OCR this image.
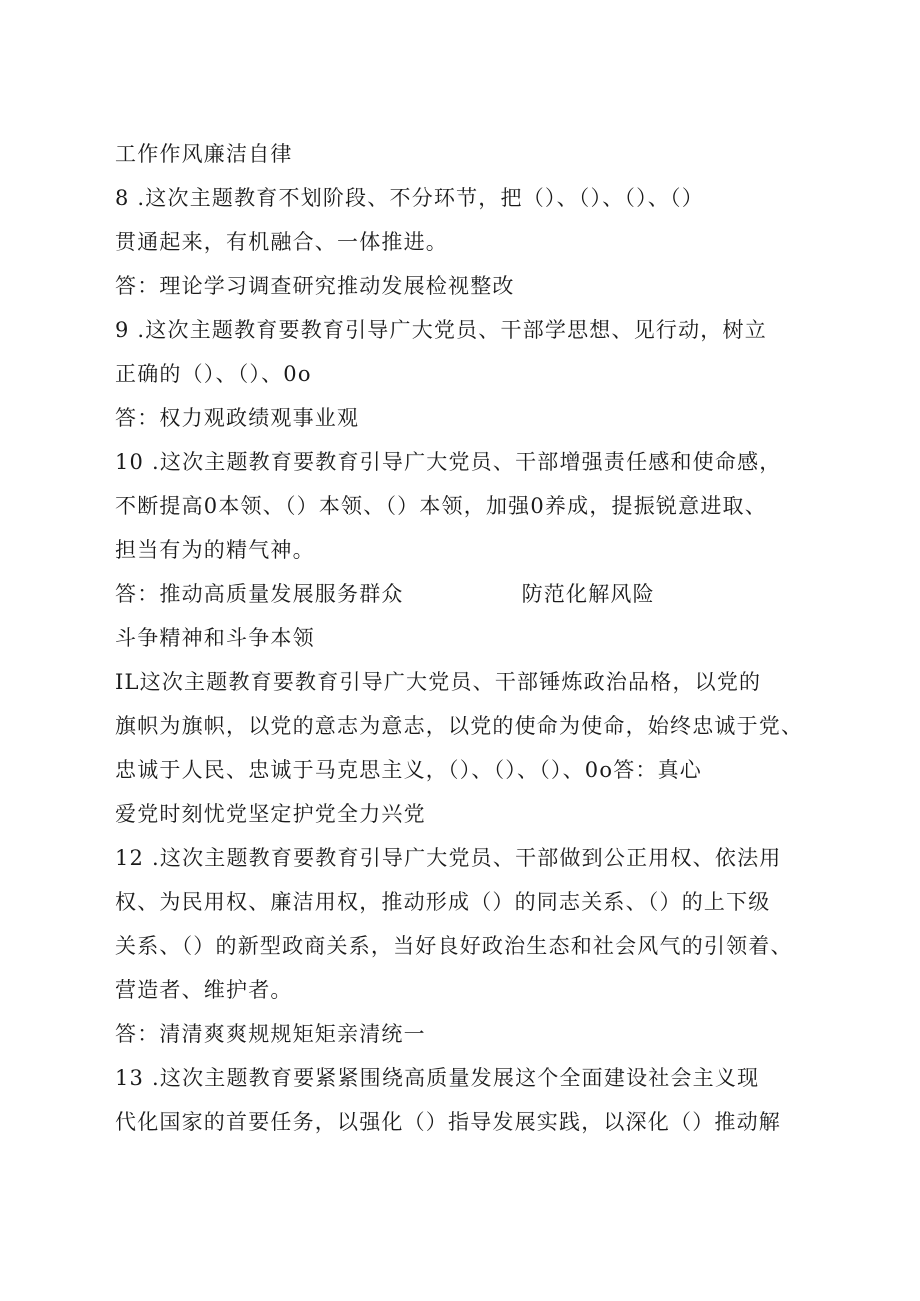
工作作风廉洁自律
8 .这次主题教育不划阶段、不分环节，把（）、（）、（）、（）
贯通起来，有机融合、一体推进。
答：理论学习调查研究推动发展检视整改
9 .这次主题教育要教育引导广大党员、干部学思想、见行动，树立
正确的（）、（）、0o
答：权力观政绩观事业观
10 .这次主题教育要教育引导广大党员、干部增强责任感和使命感，
不断提高0本领、（）本领、（）本领，加强0养成，提振锐意进取、
担当有为的精气神。
答：推动高质量发展服务群众	防范化解风险
斗争精神和斗争本领
IL这次主题教育要教育引导广大党员、干部锤炼政治品格，以党的
旗帜为旗帜，以党的意志为意志，以党的使命为使命，始终忠诚于党、
忠诚于人民、忠诚于马克思主义，（）、（）、（）、0o答：真心
爱党时刻忧党坚定护党全力兴党
12 .这次主题教育要教育引导广大党员、干部做到公正用权、依法用
权、为民用权、廉洁用权，推动形成（）的同志关系、（）的上下级
关系、（）的新型政商关系，当好良好政治生态和社会风气的引领着、
营造者、维护者。
答：清清爽爽规规矩矩亲清统一
13 .这次主题教育要紧紧围绕高质量发展这个全面建设社会主义现
代化国家的首要任务，以强化（）指导发展实践，以深化（）推动解
